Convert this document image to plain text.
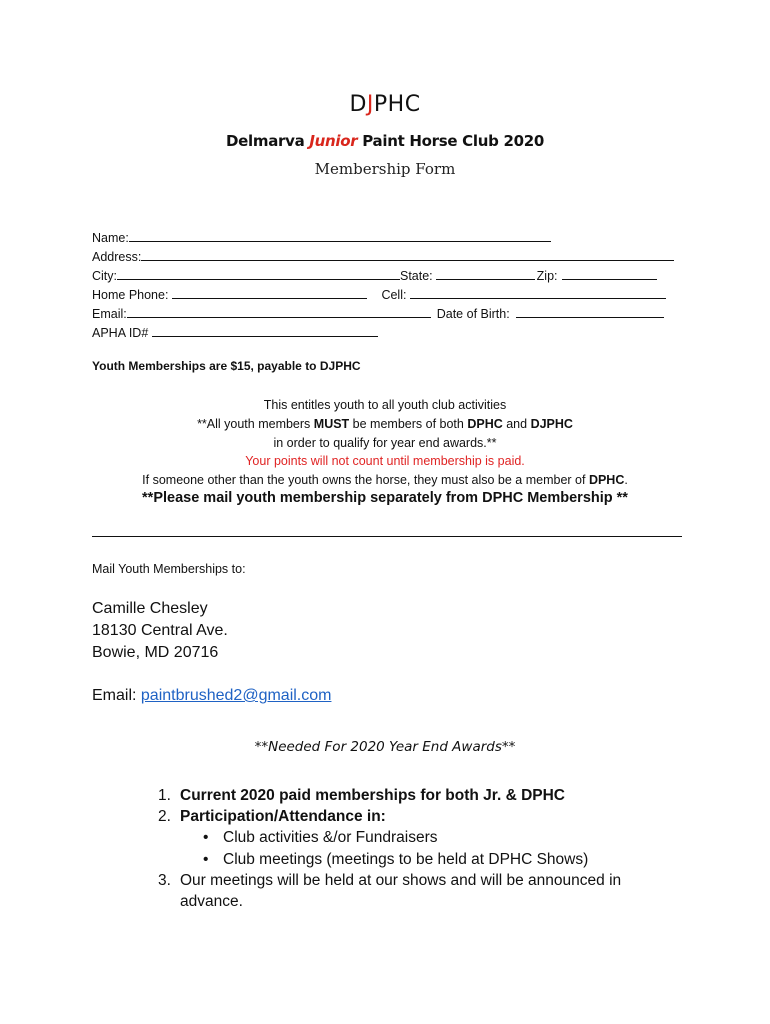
DJPHC
Delmarva Junior Paint Horse Club 2020
Membership Form
Name:
Address:
City:	State:	Zip:
Home Phone:	Cell:
Email:	Date of Birth:
APHA ID#
Youth Memberships are $15, payable to DJPHC
This entitles youth to all youth club activities
**All youth members MUST be members of both DPHC and DJPHC
in order to qualify for year end awards.**
Your points will not count until membership is paid.
If someone other than the youth owns the horse, they must also be a member of DPHC.
**Please mail youth membership separately from DPHC Membership **
Mail Youth Memberships to:
Camille Chesley
18130 Central Ave.
Bowie, MD 20716
Email: paintbrushed2@gmail.com
**Needed For 2020 Year End Awards**
1. Current 2020 paid memberships for both Jr. & DPHC
2. Participation/Attendance in:
• Club activities &/or Fundraisers
• Club meetings (meetings to be held at DPHC Shows)
3. Our meetings will be held at our shows and will be announced in
advance.
